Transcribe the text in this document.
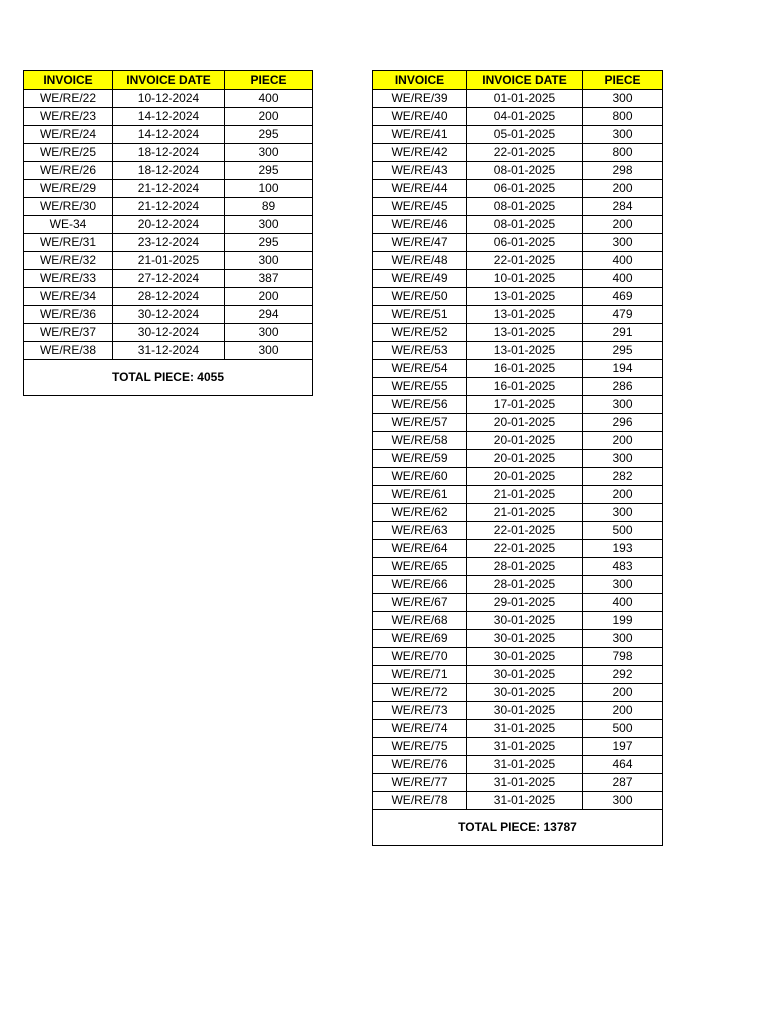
INVOICE	INVOICE DATE	PIECE
WE/RE/22	10-12-2024	400
WE/RE/23	14-12-2024	200
WE/RE/24	14-12-2024	295
WE/RE/25	18-12-2024	300
WE/RE/26	18-12-2024	295
WE/RE/29	21-12-2024	100
WE/RE/30	21-12-2024	89
WE-34	20-12-2024	300
WE/RE/31	23-12-2024	295
WE/RE/32	21-01-2025	300
WE/RE/33	27-12-2024	387
WE/RE/34	28-12-2024	200
WE/RE/36	30-12-2024	294
WE/RE/37	30-12-2024	300
WE/RE/38	31-12-2024	300
TOTAL PIECE: 4055		
INVOICE	INVOICE DATE	PIECE
WE/RE/39	01-01-2025	300
WE/RE/40	04-01-2025	800
WE/RE/41	05-01-2025	300
WE/RE/42	22-01-2025	800
WE/RE/43	08-01-2025	298
WE/RE/44	06-01-2025	200
WE/RE/45	08-01-2025	284
WE/RE/46	08-01-2025	200
WE/RE/47	06-01-2025	300
WE/RE/48	22-01-2025	400
WE/RE/49	10-01-2025	400
WE/RE/50	13-01-2025	469
WE/RE/51	13-01-2025	479
WE/RE/52	13-01-2025	291
WE/RE/53	13-01-2025	295
WE/RE/54	16-01-2025	194
WE/RE/55	16-01-2025	286
WE/RE/56	17-01-2025	300
WE/RE/57	20-01-2025	296
WE/RE/58	20-01-2025	200
WE/RE/59	20-01-2025	300
WE/RE/60	20-01-2025	282
WE/RE/61	21-01-2025	200
WE/RE/62	21-01-2025	300
WE/RE/63	22-01-2025	500
WE/RE/64	22-01-2025	193
WE/RE/65	28-01-2025	483
WE/RE/66	28-01-2025	300
WE/RE/67	29-01-2025	400
WE/RE/68	30-01-2025	199
WE/RE/69	30-01-2025	300
WE/RE/70	30-01-2025	798
WE/RE/71	30-01-2025	292
WE/RE/72	30-01-2025	200
WE/RE/73	30-01-2025	200
WE/RE/74	31-01-2025	500
WE/RE/75	31-01-2025	197
WE/RE/76	31-01-2025	464
WE/RE/77	31-01-2025	287
WE/RE/78	31-01-2025	300
TOTAL PIECE: 13787		
